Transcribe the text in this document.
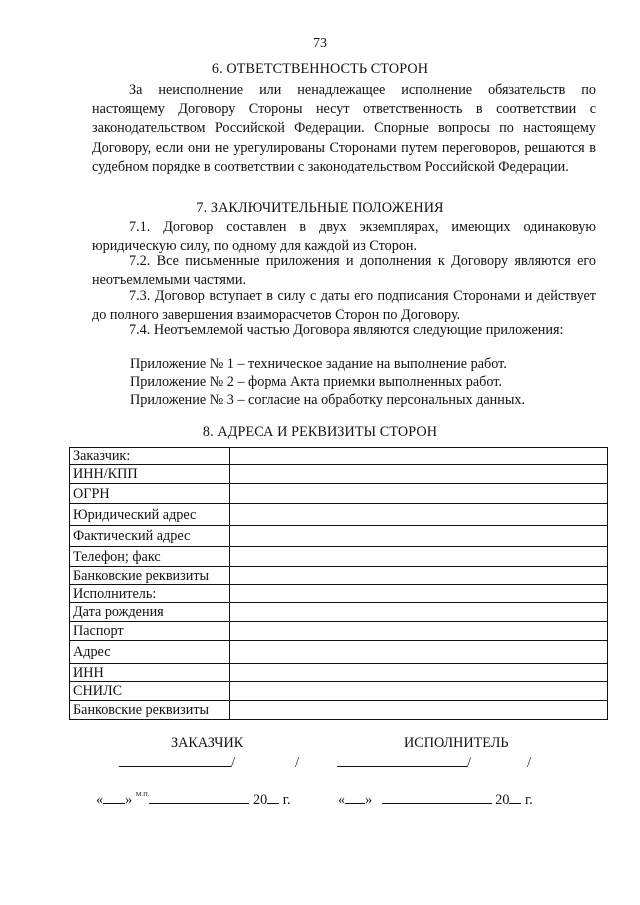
73
6. ОТВЕТСТВЕННОСТЬ СТОРОН
За неисполнение или ненадлежащее исполнение обязательств по настоящему Договору Стороны несут ответственность в соответствии с законодательством Российской Федерации. Спорные вопросы по настоящему Договору, если они не урегулированы Сторонами путем переговоров, решаются в судебном порядке в соответствии с законодательством Российской Федерации.
7. ЗАКЛЮЧИТЕЛЬНЫЕ ПОЛОЖЕНИЯ
7.1. Договор составлен в двух экземплярах, имеющих одинаковую юридическую силу, по одному для каждой из Сторон.
7.2. Все письменные приложения и дополнения к Договору являются его неотъемлемыми частями.
7.3. Договор вступает в силу с даты его подписания Сторонами и действует до полного завершения взаиморасчетов Сторон по Договору.
7.4. Неотъемлемой частью Договора являются следующие приложения:
Приложение № 1 – техническое задание на выполнение работ.
Приложение № 2 – форма Акта приемки выполненных работ.
Приложение № 3 – согласие на обработку персональных данных.
8. АДРЕСА И РЕКВИЗИТЫ СТОРОН
Заказчик:	
ИНН/КПП	
ОГРН	
Юридический адрес	
Фактический адрес	
Телефон; факс	
Банковские реквизиты	
Исполнитель:	
Дата рождения	
Паспорт	
Адрес	
ИНН	
СНИЛС	
Банковские реквизиты	
ЗАКАЗЧИК	ИСПОЛНИТЕЛЬ
/	/	/	/
« » $^{М.П.}$	20 г.	« »	20 г.
